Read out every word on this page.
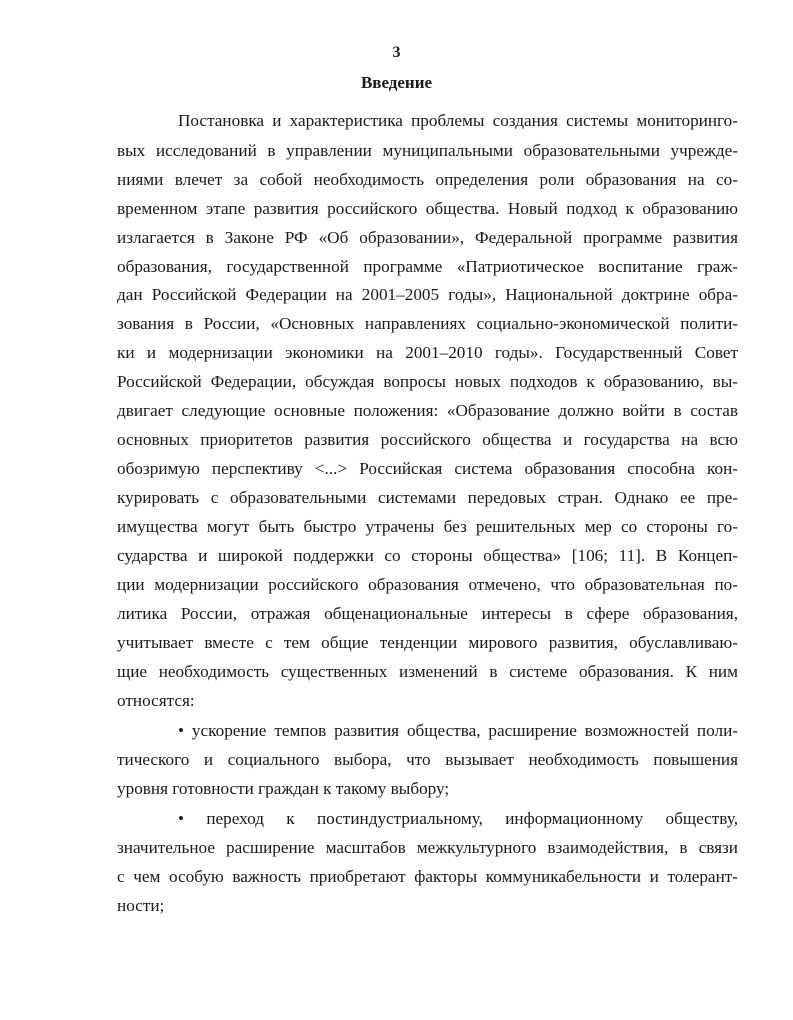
3
Введение
Постановка и характеристика проблемы создания системы мониторинго-
вых исследований в управлении муниципальными образовательными учрежде-
ниями влечет за собой необходимость определения роли образования на со-
временном этапе развития российского общества. Новый подход к образованию
излагается в Законе РФ «Об образовании», Федеральной программе развития
образования, государственной программе «Патриотическое воспитание граж-
дан Российской Федерации на 2001–2005 годы», Национальной доктрине обра-
зования в России, «Основных направлениях социально-экономической полити-
ки и модернизации экономики на 2001–2010 годы». Государственный Совет
Российской Федерации, обсуждая вопросы новых подходов к образованию, вы-
двигает следующие основные положения: «Образование должно войти в состав
основных приоритетов развития российского общества и государства на всю
обозримую перспективу <...> Российская система образования способна кон-
курировать с образовательными системами передовых стран. Однако ее пре-
имущества могут быть быстро утрачены без решительных мер со стороны го-
сударства и широкой поддержки со стороны общества» [106; 11]. В Концеп-
ции модернизации российского образования отмечено, что образовательная по-
литика России, отражая общенациональные интересы в сфере образования,
учитывает вместе с тем общие тенденции мирового развития, обуславливаю-
щие необходимость существенных изменений в системе образования. К ним
относятся:
• ускорение темпов развития общества, расширение возможностей поли-
тического и социального выбора, что вызывает необходимость повышения
уровня готовности граждан к такому выбору;
• переход к постиндустриальному, информационному обществу,
значительное расширение масштабов межкультурного взаимодействия, в связи
с чем особую важность приобретают факторы коммуникабельности и толерант-
ности;
